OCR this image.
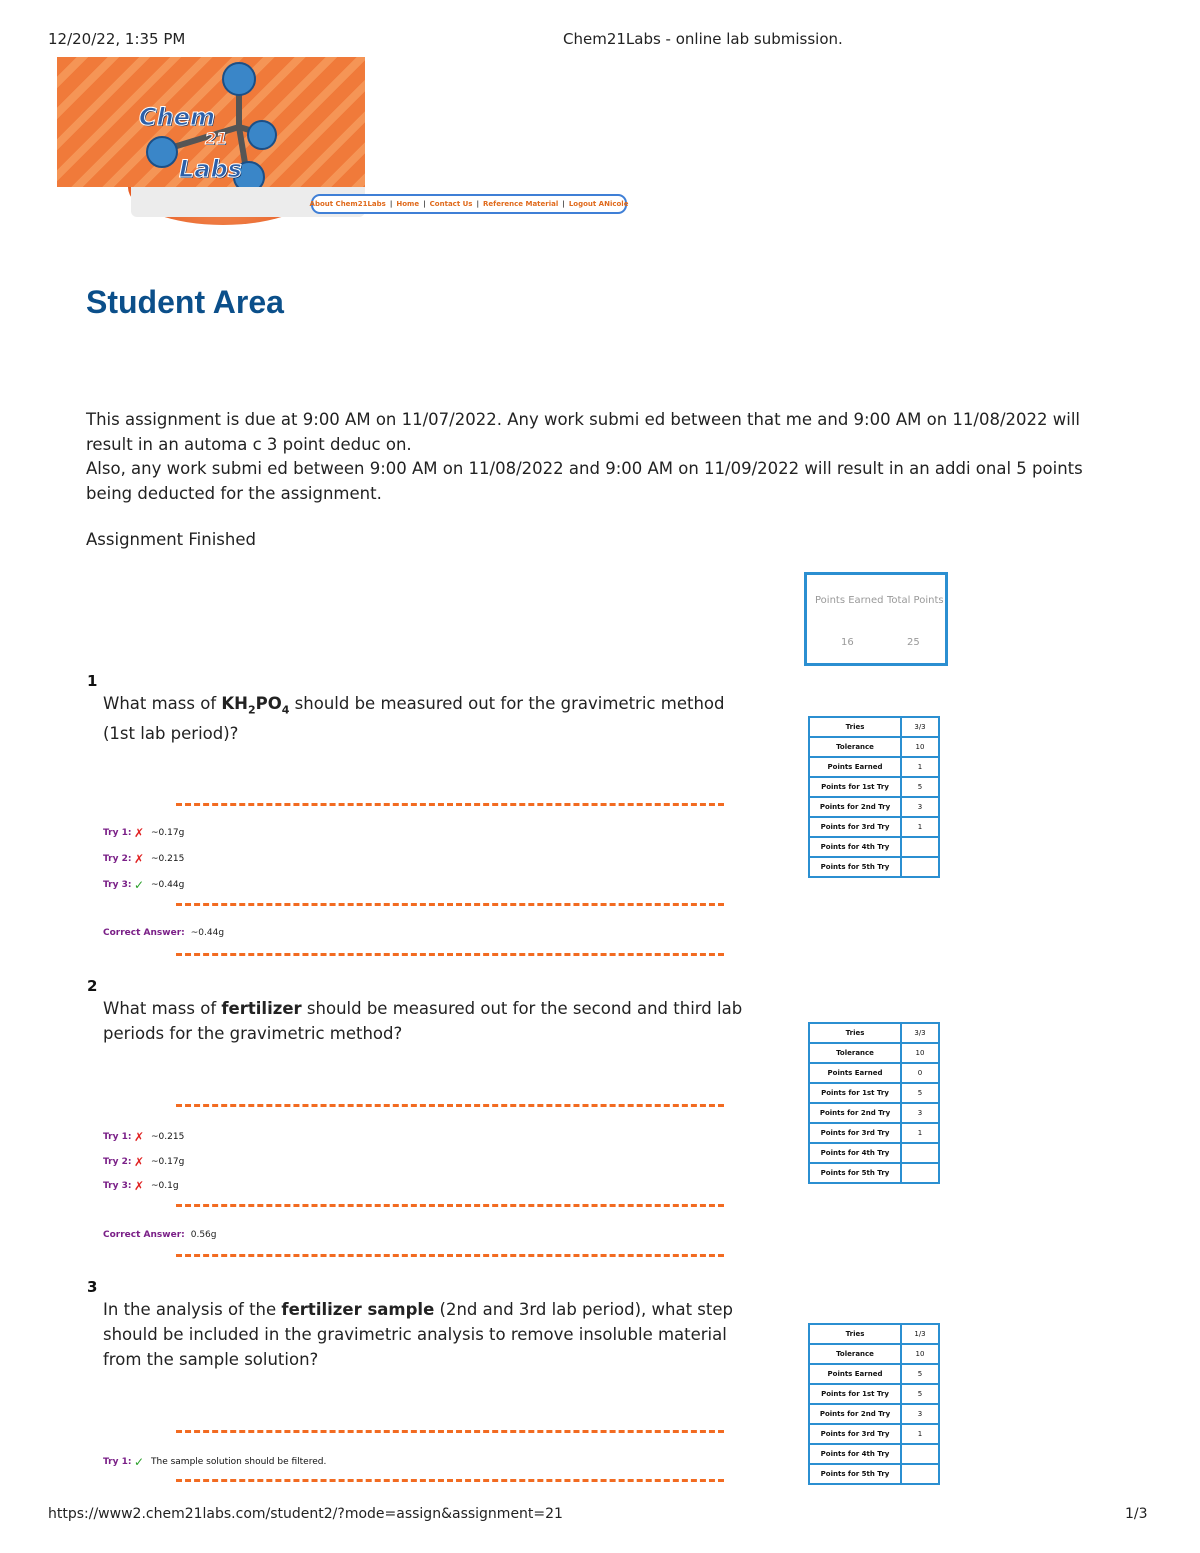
12/20/22, 1:35 PM	Chem21Labs - online lab submission.
Chem
21
Labs
About Chem21Labs | Home | Contact Us | Reference Material | Logout ANicole
Student Area
This assignment is due at 9:00 AM on 11/07/2022. Any work submi ed between that me and 9:00 AM on 11/08/2022 will
result in an automa c 3 point deduc on.
Also, any work submi ed between 9:00 AM on 11/08/2022 and 9:00 AM on 11/09/2022 will result in an addi onal 5 points
being deducted for the assignment.
Assignment Finished
Points Earned Total Points
16	25
1
What mass of $KH_2PO_4$ should be measured out for the gravimetric method
(1st lab period)?
Try 1: ✗ ~0.17g
Try 2: ✗ ~0.215
Try 3: ✓ ~0.44g
Correct Answer: ~0.44g
Tries	3/3
Tolerance	10
Points Earned	1
Points for 1st Try	5
Points for 2nd Try	3
Points for 3rd Try	1
Points for 4th Try	
Points for 5th Try	
2
What mass of fertilizer should be measured out for the second and third lab
periods for the gravimetric method?
Try 1: ✗ ~0.215
Try 2: ✗ ~0.17g
Try 3: ✗ ~0.1g
Correct Answer: 0.56g
Tries	3/3
Tolerance	10
Points Earned	0
Points for 1st Try	5
Points for 2nd Try	3
Points for 3rd Try	1
Points for 4th Try	
Points for 5th Try	
3
In the analysis of the fertilizer sample (2nd and 3rd lab period), what step
should be included in the gravimetric analysis to remove insoluble material
from the sample solution?
Try 1: ✓ The sample solution should be filtered.
Tries	1/3
Tolerance	10
Points Earned	5
Points for 1st Try	5
Points for 2nd Try	3
Points for 3rd Try	1
Points for 4th Try	
Points for 5th Try	
https://www2.chem21labs.com/student2/?mode=assign&assignment=21	1/3
